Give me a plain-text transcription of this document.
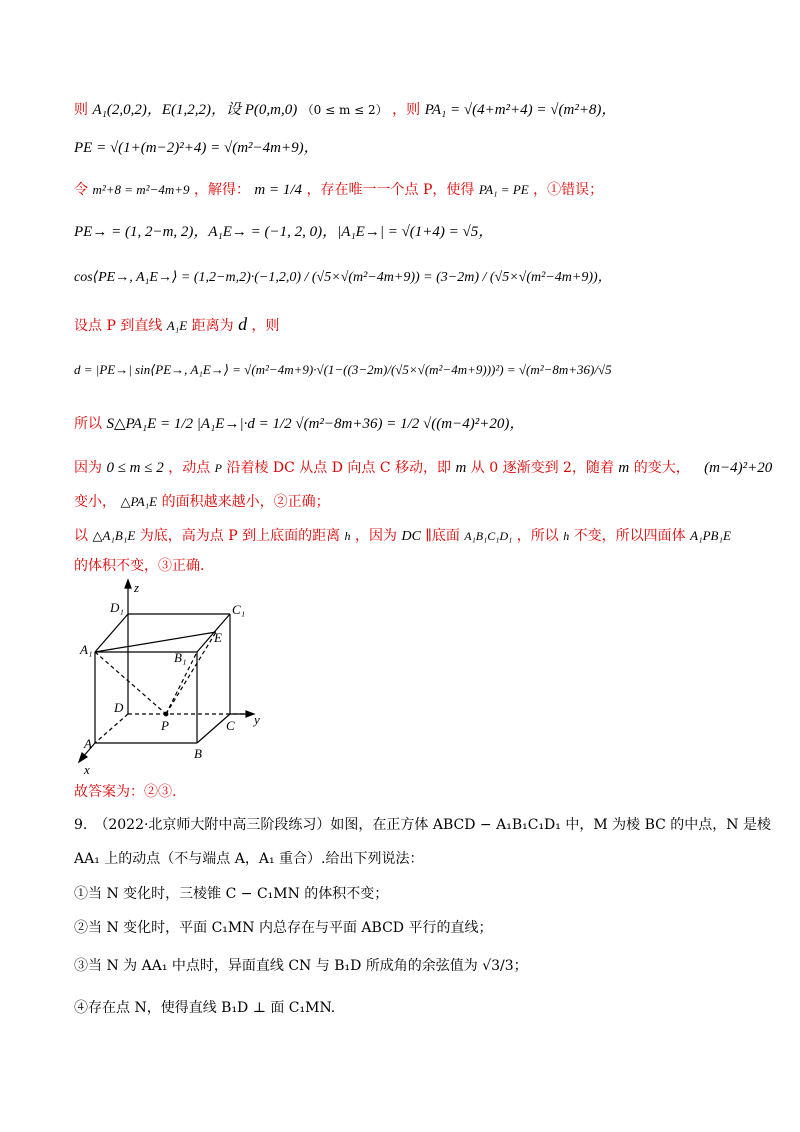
则 A₁(2,0,2)，E(1,2,2)，设 P(0,m,0) （0 ≤ m ≤ 2） ，则 PA₁ = √(4+m²+4) = √(m²+8)，
PE = √(1+(m−2)²+4) = √(m²−4m+9)，
令 m²+8 = m²−4m+9 ，解得： m = 1/4 ，存在唯一一个点 P，使得 PA₁ = PE ，①错误；
PE→ = (1, 2−m, 2)，A₁E→ = (−1, 2, 0)，|A₁E→| = √(1+4) = √5，
cos⟨PE→, A₁E→⟩ = (1,2−m,2)·(−1,2,0) / (√5×√(m²−4m+9)) = (3−2m) / (√5×√(m²−4m+9))，
设点 P 到直线 A₁E 距离为 d ，则
d = |PE→| sin⟨PE→, A₁E→⟩ = √(m²−4m+9)·√(1−((3−2m)/(√5×√(m²−4m+9)))²) = √(m²−8m+36)/√5
所以 S△PA₁E = 1/2 |A₁E→|·d = 1/2 √(m²−8m+36) = 1/2 √((m−4)²+20)，
因为 0 ≤ m ≤ 2 ，动点 P 沿着棱 DC 从点 D 向点 C 移动，即 m 从 0 逐渐变到 2，随着 m 的变大， (m−4)²+20
变小， △PA₁E 的面积越来越小，②正确；
以 △A₁B₁E 为底，高为点 P 到上底面的距离 h ，因为 DC ∥底面 A₁B₁C₁D₁ ，所以 h 不变，所以四面体 A₁PB₁E
的体积不变，③正确.
z
D₁	C₁
A₁
B₁
E
D
P	C y
A
B
x
故答案为：②③.
9.　（2022·北京师大附中高三阶段练习）如图，在正方体 ABCD − A₁B₁C₁D₁ 中，M 为棱 BC 的中点，N 是棱
AA₁ 上的动点（不与端点 A，A₁ 重合）.给出下列说法：
①当 N 变化时，三棱锥 C − C₁MN 的体积不变；
②当 N 变化时，平面 C₁MN 内总存在与平面 ABCD 平行的直线；
③当 N 为 AA₁ 中点时，异面直线 CN 与 B₁D 所成角的余弦值为 √3/3；
④存在点 N，使得直线 B₁D ⊥ 面 C₁MN.
